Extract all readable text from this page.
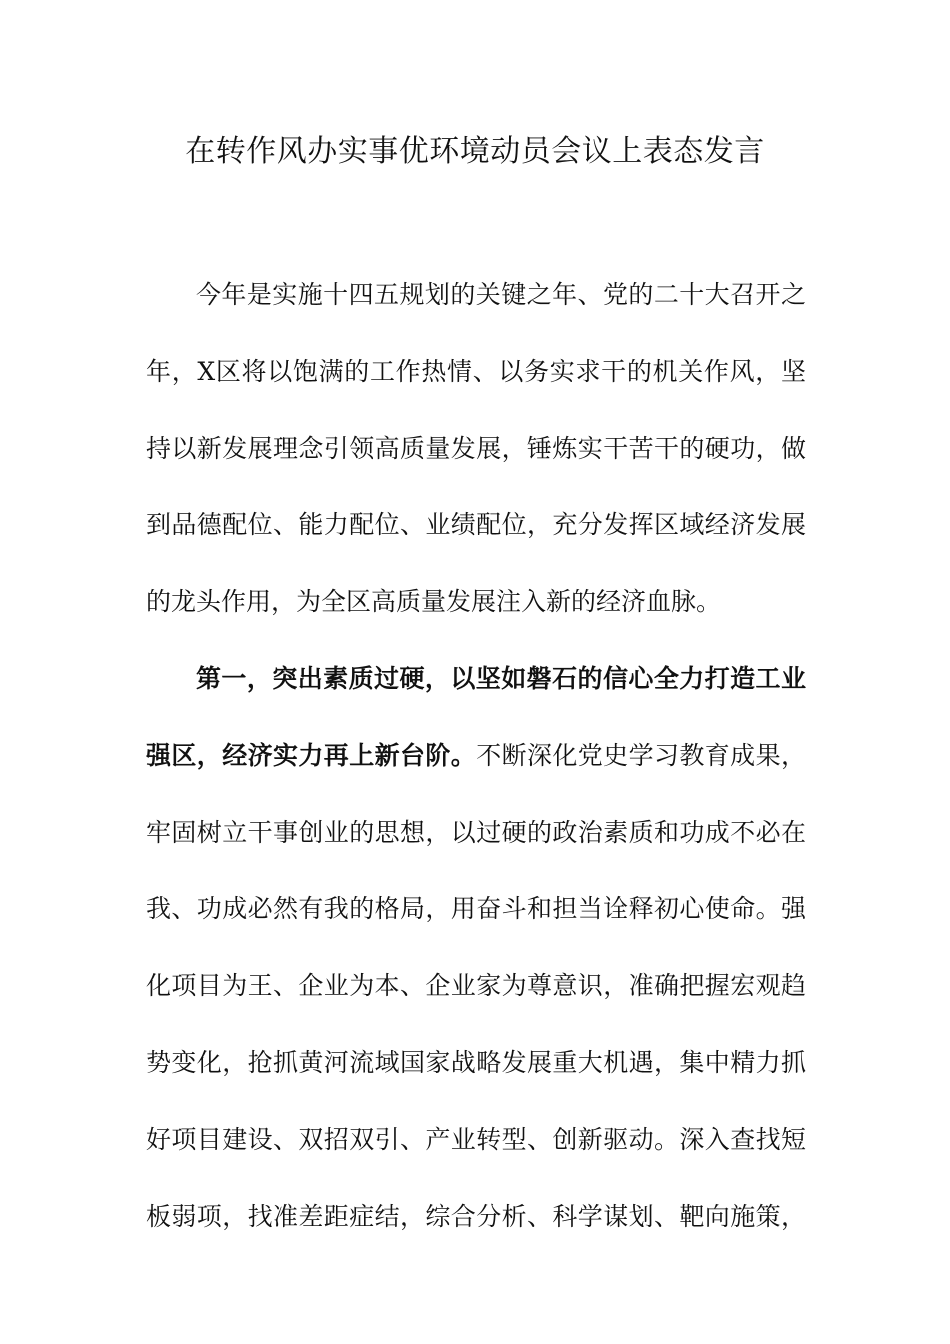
在转作风办实事优环境动员会议上表态发言
今年是实施十四五规划的关键之年、党的二十大召开之
年，X区将以饱满的工作热情、以务实求干的机关作风，坚
持以新发展理念引领高质量发展，锤炼实干苦干的硬功，做
到品德配位、能力配位、业绩配位，充分发挥区域经济发展
的龙头作用，为全区高质量发展注入新的经济血脉。
第一，突出素质过硬，以坚如磐石的信心全力打造工业
强区，经济实力再上新台阶。不断深化党史学习教育成果，
牢固树立干事创业的思想，以过硬的政治素质和功成不必在
我、功成必然有我的格局，用奋斗和担当诠释初心使命。强
化项目为王、企业为本、企业家为尊意识，准确把握宏观趋
势变化，抢抓黄河流域国家战略发展重大机遇，集中精力抓
好项目建设、双招双引、产业转型、创新驱动。深入查找短
板弱项，找准差距症结，综合分析、科学谋划、靶向施策，
